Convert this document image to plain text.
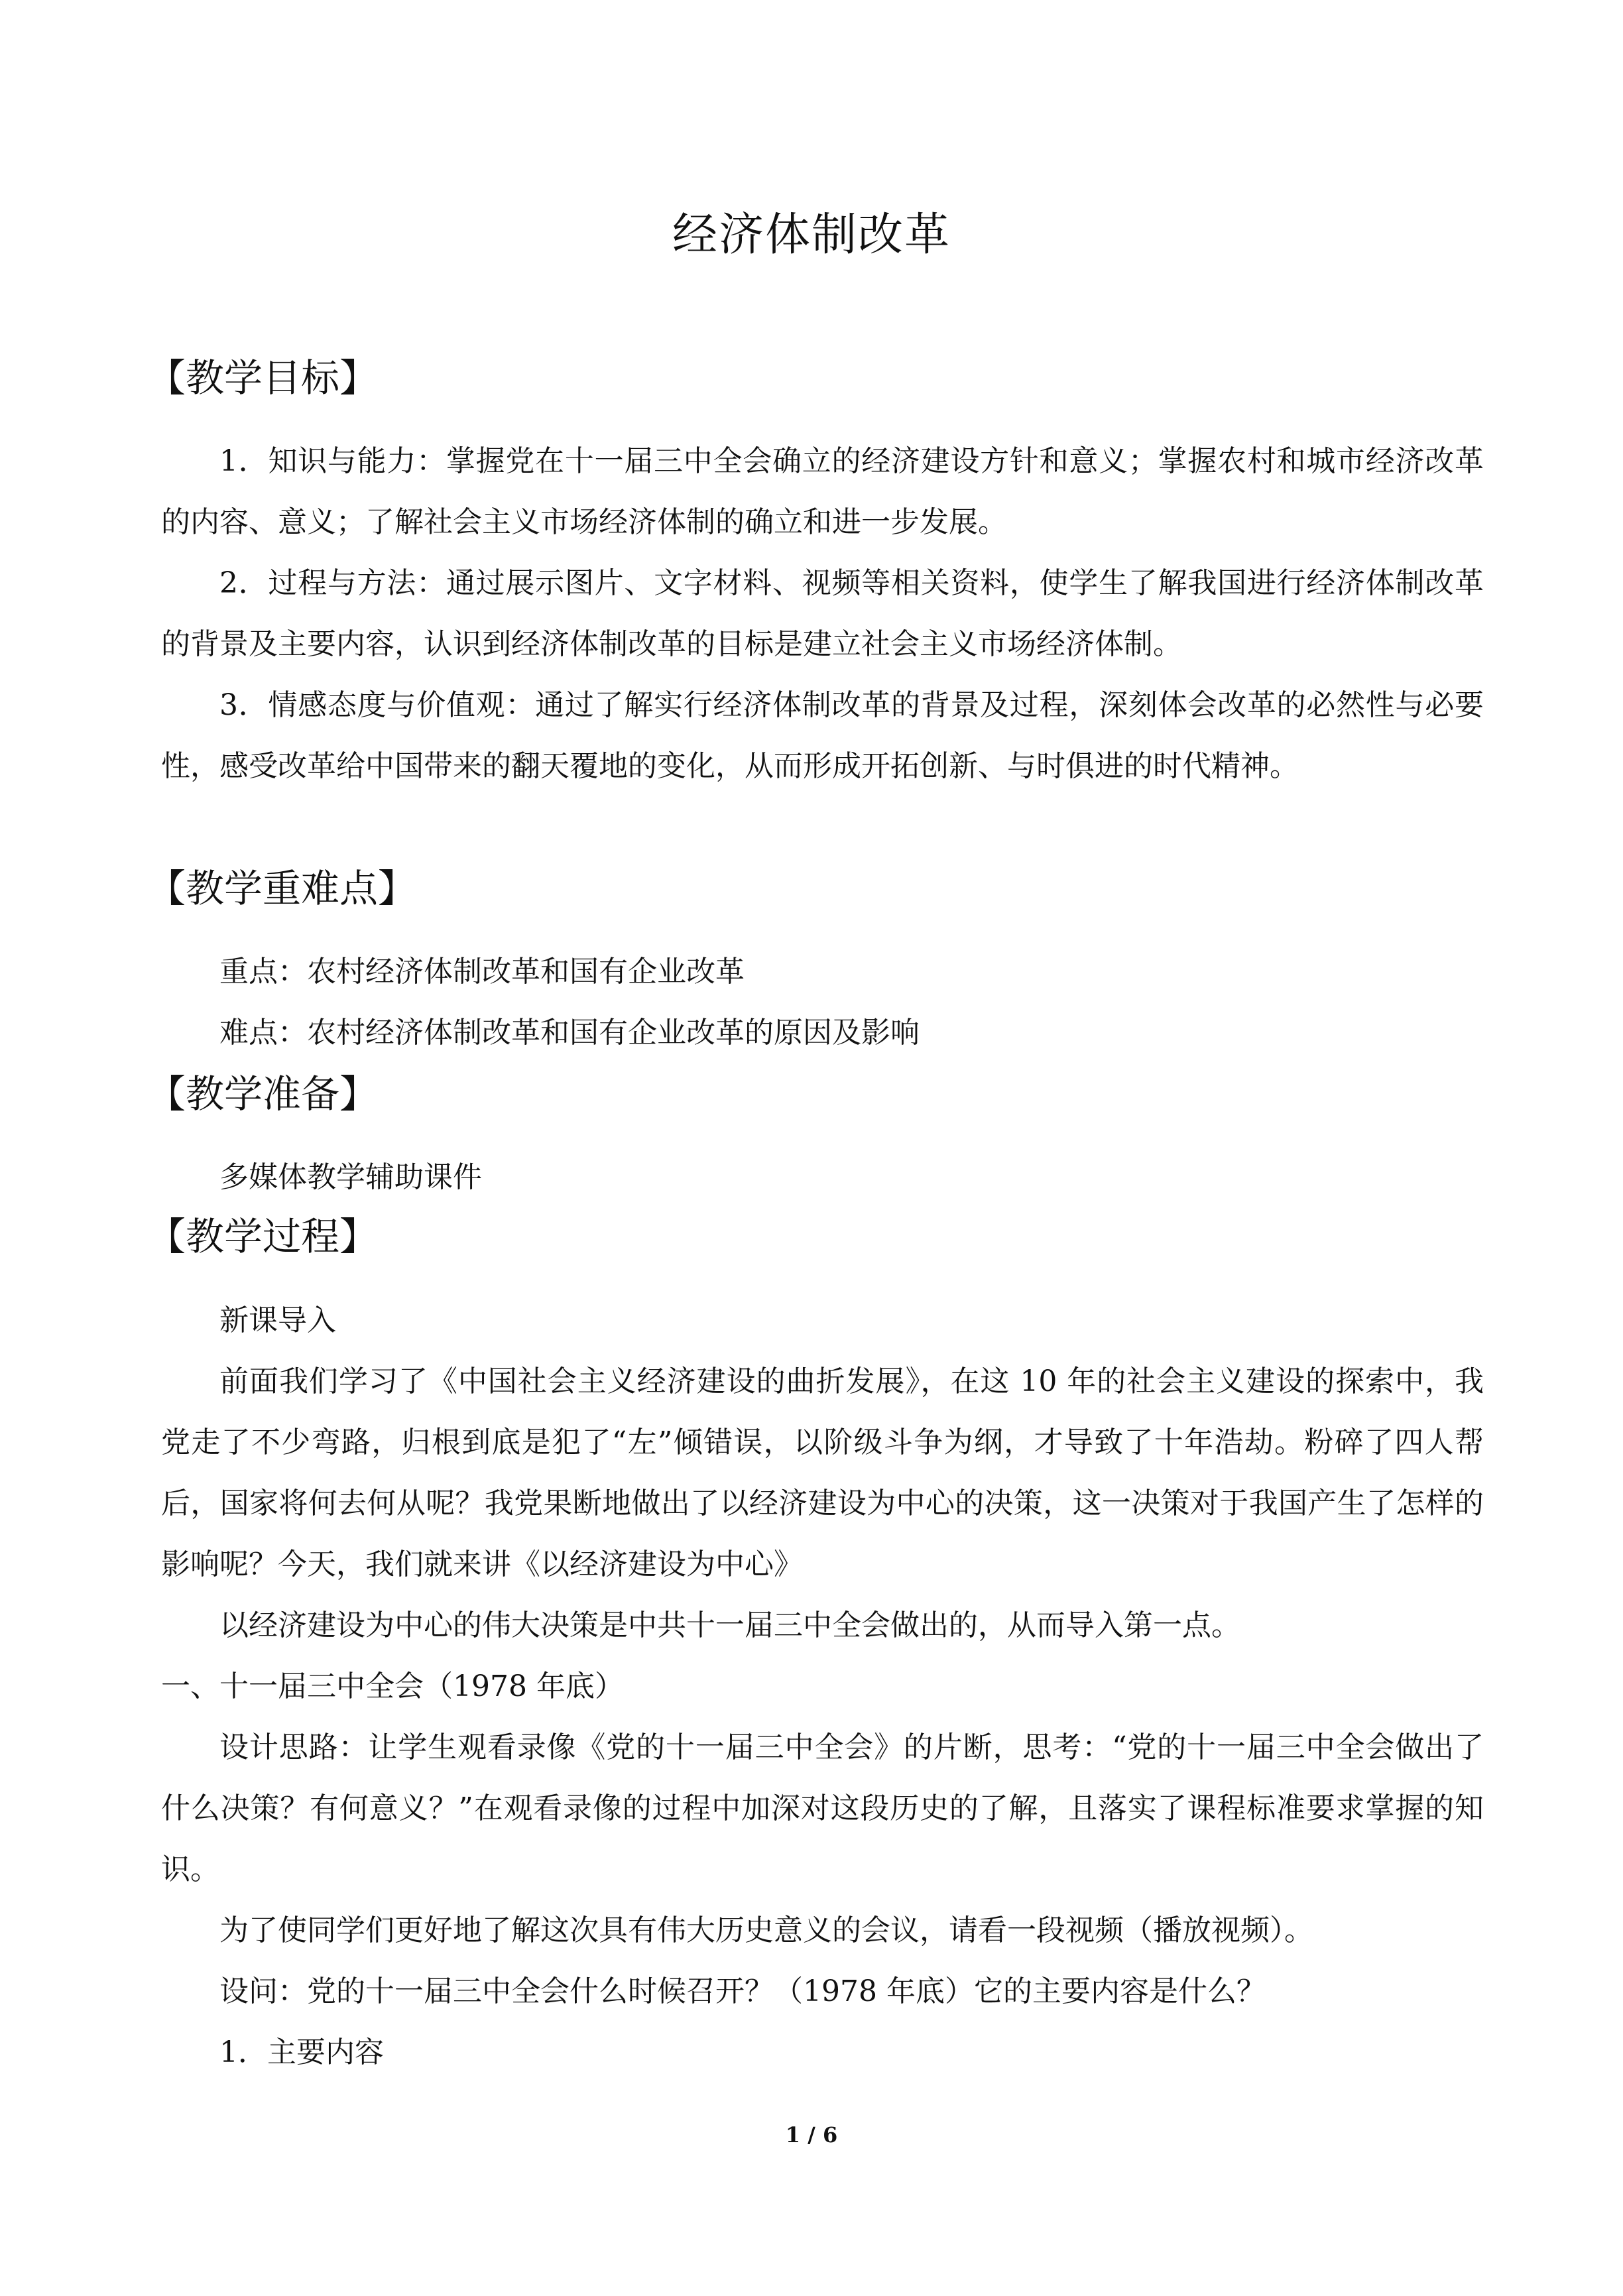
经济体制改革
【教学目标】
1．知识与能力：掌握党在十一届三中全会确立的经济建设方针和意义；掌握农村和城市经济改革的内容、意义；了解社会主义市场经济体制的确立和进一步发展。
2．过程与方法：通过展示图片、文字材料、视频等相关资料，使学生了解我国进行经济体制改革的背景及主要内容，认识到经济体制改革的目标是建立社会主义市场经济体制。
3．情感态度与价值观：通过了解实行经济体制改革的背景及过程，深刻体会改革的必然性与必要性，感受改革给中国带来的翻天覆地的变化，从而形成开拓创新、与时俱进的时代精神。
【教学重难点】
重点：农村经济体制改革和国有企业改革
难点：农村经济体制改革和国有企业改革的原因及影响
【教学准备】
多媒体教学辅助课件
【教学过程】
新课导入
前面我们学习了《中国社会主义经济建设的曲折发展》，在这 10 年的社会主义建设的探索中，我党走了不少弯路，归根到底是犯了“左”倾错误，以阶级斗争为纲，才导致了十年浩劫。粉碎了四人帮后，国家将何去何从呢？我党果断地做出了以经济建设为中心的决策，这一决策对于我国产生了怎样的影响呢？今天，我们就来讲《以经济建设为中心》
以经济建设为中心的伟大决策是中共十一届三中全会做出的，从而导入第一点。
一、十一届三中全会（1978 年底）
设计思路：让学生观看录像《党的十一届三中全会》的片断，思考：“党的十一届三中全会做出了什么决策？有何意义？”在观看录像的过程中加深对这段历史的了解，且落实了课程标准要求掌握的知识。
为了使同学们更好地了解这次具有伟大历史意义的会议，请看一段视频（播放视频）。
设问：党的十一届三中全会什么时候召开？（1978 年底）它的主要内容是什么？
1．主要内容
1 / 6
